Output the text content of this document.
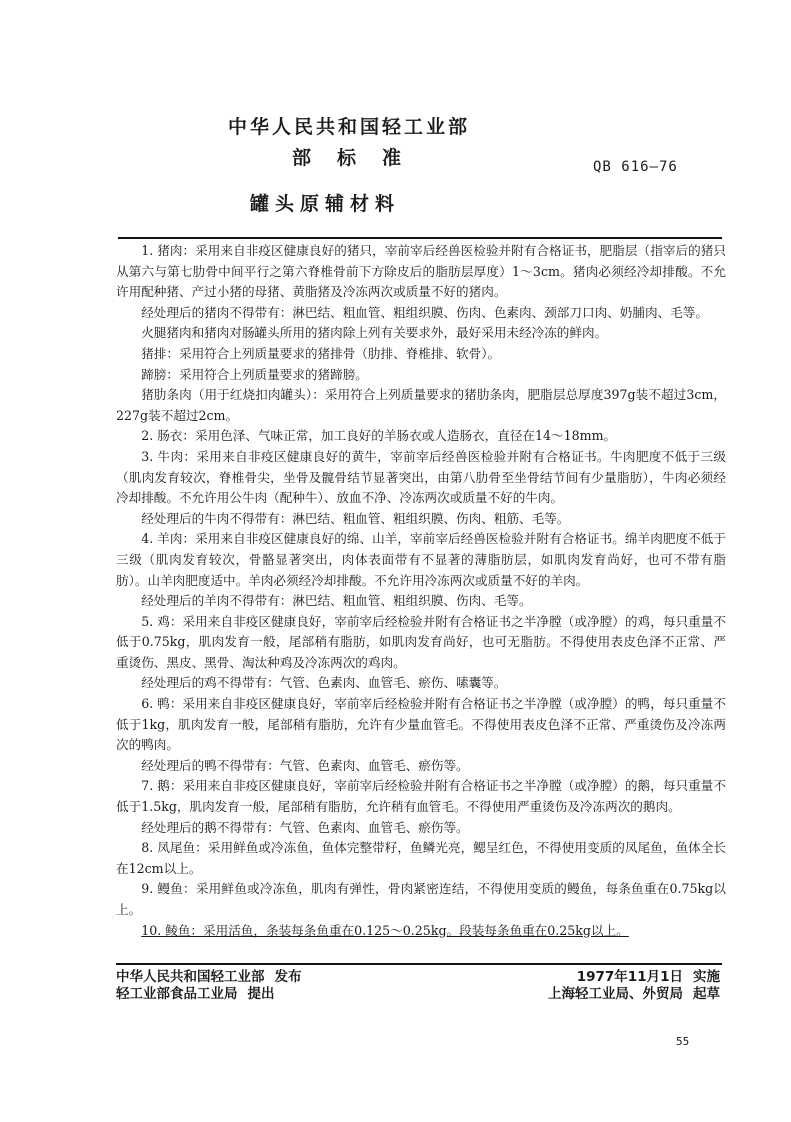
中华人民共和国轻工业部
部标准	QB 616—76
罐头原辅材料

1. 猪肉：采用来自非疫区健康良好的猪只，宰前宰后经兽医检验并附有合格证书，肥脂层（指宰后的猪只从第六与第七肋骨中间平行之第六脊椎骨前下方除皮后的脂肪层厚度）1～3cm。猪肉必须经冷却排酸。不允许用配种猪、产过小猪的母猪、黄脂猪及冷冻两次或质量不好的猪肉。

经处理后的猪肉不得带有：淋巴结、粗血管、粗组织膜、伤肉、色素肉、颈部刀口肉、奶脯肉、毛等。

火腿猪肉和猪肉对肠罐头所用的猪肉除上列有关要求外，最好采用未经冷冻的鲜肉。

猪排：采用符合上列质量要求的猪排骨（肋排、脊椎排、软骨）。

蹄膀：采用符合上列质量要求的猪蹄膀。

猪肋条肉（用于红烧扣肉罐头）：采用符合上列质量要求的猪肋条肉，肥脂层总厚度397g装不超过3cm，227g装不超过2cm。

2. 肠衣：采用色泽、气味正常，加工良好的羊肠衣或人造肠衣，直径在14～18mm。

3. 牛肉：采用来自非疫区健康良好的黄牛，宰前宰后经兽医检验并附有合格证书。牛肉肥度不低于三级（肌肉发育较次，脊椎骨尖，坐骨及髋骨结节显著突出，由第八肋骨至坐骨结节间有少量脂肪），牛肉必须经冷却排酸。不允许用公牛肉（配种牛）、放血不净、冷冻两次或质量不好的牛肉。

经处理后的牛肉不得带有：淋巴结、粗血管、粗组织膜、伤肉、粗筋、毛等。

4. 羊肉：采用来自非疫区健康良好的绵、山羊，宰前宰后经兽医检验并附有合格证书。绵羊肉肥度不低于三级（肌肉发育较次，骨骼显著突出，肉体表面带有不显著的薄脂肪层，如肌肉发育尚好，也可不带有脂肪）。山羊肉肥度适中。羊肉必须经冷却排酸。不允许用冷冻两次或质量不好的羊肉。

经处理后的羊肉不得带有：淋巴结、粗血管、粗组织膜、伤肉、毛等。

5. 鸡：采用来自非疫区健康良好，宰前宰后经检验并附有合格证书之半净膛（或净膛）的鸡，每只重量不低于0.75kg，肌肉发育一般，尾部稍有脂肪，如肌肉发育尚好，也可无脂肪。不得使用表皮色泽不正常、严重烫伤、黑皮、黑骨、淘汰种鸡及冷冻两次的鸡肉。

经处理后的鸡不得带有：气管、色素肉、血管毛、瘀伤、嗉囊等。

6. 鸭：采用来自非疫区健康良好，宰前宰后经检验并附有合格证书之半净膛（或净膛）的鸭，每只重量不低于1kg，肌肉发育一般，尾部稍有脂肪，允许有少量血管毛。不得使用表皮色泽不正常、严重烫伤及冷冻两次的鸭肉。

经处理后的鸭不得带有：气管、色素肉、血管毛、瘀伤等。

7. 鹅：采用来自非疫区健康良好，宰前宰后经检验并附有合格证书之半净膛（或净膛）的鹅，每只重量不低于1.5kg，肌肉发育一般，尾部稍有脂肪，允许稍有血管毛。不得使用严重烫伤及冷冻两次的鹅肉。

经处理后的鹅不得带有：气管、色素肉、血管毛、瘀伤等。

8. 凤尾鱼：采用鲜鱼或冷冻鱼，鱼体完整带籽，鱼鳞光亮，鳃呈红色，不得使用变质的凤尾鱼，鱼体全长在12cm以上。

9. 鳗鱼：采用鲜鱼或冷冻鱼，肌肉有弹性，骨肉紧密连结，不得使用变质的鳗鱼，每条鱼重在0.75kg以上。

10. 鲮鱼：采用活鱼，条装每条鱼重在0.125～0.25kg。段装每条鱼重在0.25kg以上。

中华人民共和国轻工业部 发布
轻工业部食品工业局 提出
1977年11月1日 实施
上海轻工业局、外贸局 起草
55
